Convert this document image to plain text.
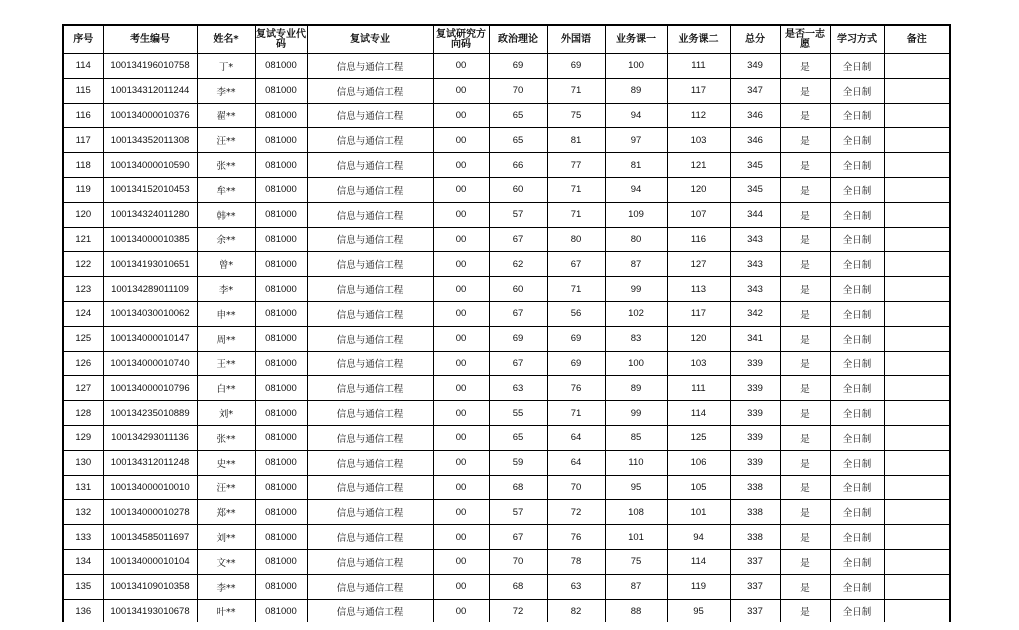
序号	考生编号	姓名*	复试专业代码	复试专业	复试研究方向码	政治理论	外国语	业务课一	业务课二	总分	是否一志愿	学习方式	备注
114	100134196010758	丁*	081000	信息与通信工程	00	69	69	100	111	349	是	全日制	
115	100134312011244	李**	081000	信息与通信工程	00	70	71	89	117	347	是	全日制	
116	100134000010376	翟**	081000	信息与通信工程	00	65	75	94	112	346	是	全日制	
117	100134352011308	汪**	081000	信息与通信工程	00	65	81	97	103	346	是	全日制	
118	100134000010590	张**	081000	信息与通信工程	00	66	77	81	121	345	是	全日制	
119	100134152010453	牟**	081000	信息与通信工程	00	60	71	94	120	345	是	全日制	
120	100134324011280	韩**	081000	信息与通信工程	00	57	71	109	107	344	是	全日制	
121	100134000010385	余**	081000	信息与通信工程	00	67	80	80	116	343	是	全日制	
122	100134193010651	曾*	081000	信息与通信工程	00	62	67	87	127	343	是	全日制	
123	100134289011109	李*	081000	信息与通信工程	00	60	71	99	113	343	是	全日制	
124	100134030010062	申**	081000	信息与通信工程	00	67	56	102	117	342	是	全日制	
125	100134000010147	周**	081000	信息与通信工程	00	69	69	83	120	341	是	全日制	
126	100134000010740	王**	081000	信息与通信工程	00	67	69	100	103	339	是	全日制	
127	100134000010796	白**	081000	信息与通信工程	00	63	76	89	111	339	是	全日制	
128	100134235010889	刘*	081000	信息与通信工程	00	55	71	99	114	339	是	全日制	
129	100134293011136	张**	081000	信息与通信工程	00	65	64	85	125	339	是	全日制	
130	100134312011248	史**	081000	信息与通信工程	00	59	64	110	106	339	是	全日制	
131	100134000010010	汪**	081000	信息与通信工程	00	68	70	95	105	338	是	全日制	
132	100134000010278	郑**	081000	信息与通信工程	00	57	72	108	101	338	是	全日制	
133	100134585011697	刘**	081000	信息与通信工程	00	67	76	101	94	338	是	全日制	
134	100134000010104	文**	081000	信息与通信工程	00	70	78	75	114	337	是	全日制	
135	100134109010358	李**	081000	信息与通信工程	00	68	63	87	119	337	是	全日制	
136	100134193010678	叶**	081000	信息与通信工程	00	72	82	88	95	337	是	全日制	
